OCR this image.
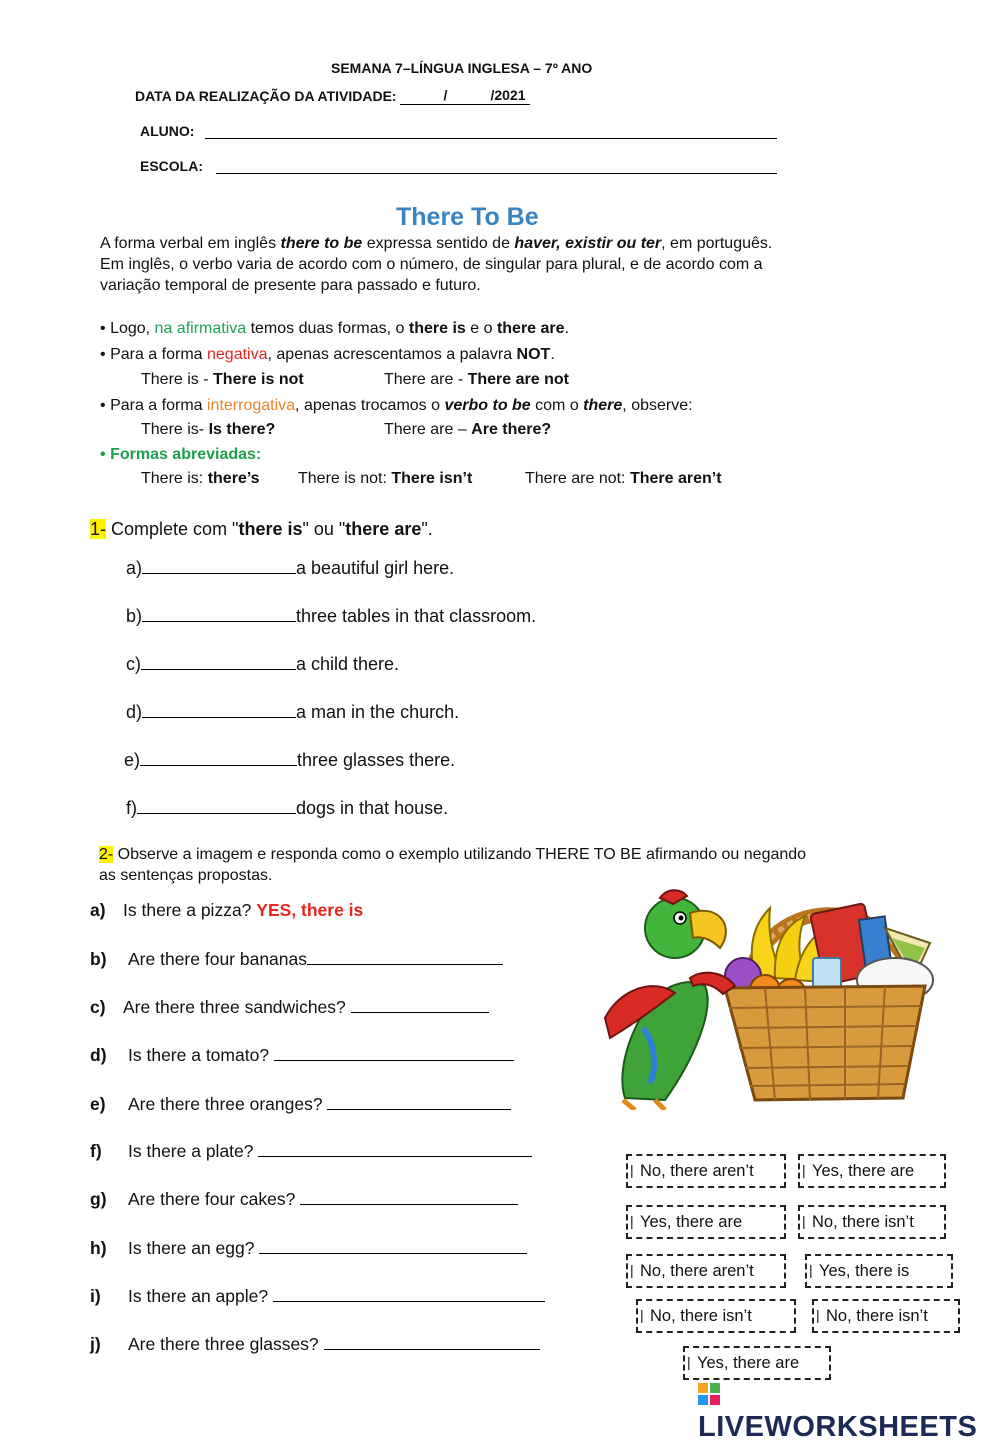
SEMANA 7–LÍNGUA INGLESA – 7º ANO
DATA DA REALIZAÇÃO DA ATIVIDADE:	/	/2021

ALUNO:
ESCOLA:
There To Be
A forma verbal em inglês there to be expressa sentido de haver, existir ou ter, em português.
Em inglês, o verbo varia de acordo com o número, de singular para plural, e de acordo com a
variação temporal de presente para passado e futuro.
• Logo, na afirmativa temos duas formas, o there is e o there are.
• Para a forma negativa, apenas acrescentamos a palavra NOT.
There is - There is not	There are - There are not
• Para a forma interrogativa, apenas trocamos o verbo to be com o there, observe:
There is- Is there?	There are – Are there?
• Formas abreviadas:
There is: there’s There is not: There isn’t	There are not: There aren’t
1- Complete com "there is" ou "there are".
a)	a beautiful girl here.
b)	three tables in that classroom.
c)	a child there.
d)	a man in the church.
e)	three glasses there.
f)	dogs in that house.
2- Observe a imagem e responda como o exemplo utilizando THERE TO BE afirmando ou negando
as sentenças propostas.
a) Is there a pizza? YES, there is
b) Are there four bananas
c) Are there three sandwiches?
d) Is there a tomato?
e) Are there three oranges?
f) Is there a plate?
g) Are there four cakes?
h) Is there an egg?
i) Is there an apple?
j) Are there three glasses?
| No, there aren’t	| Yes, there are
| Yes, there are	| No, there isn’t
| No, there aren’t	| Yes, there is
| No, there isn’t	| No, there isn’t
| Yes, there are
LIVEWORKSHEETS
